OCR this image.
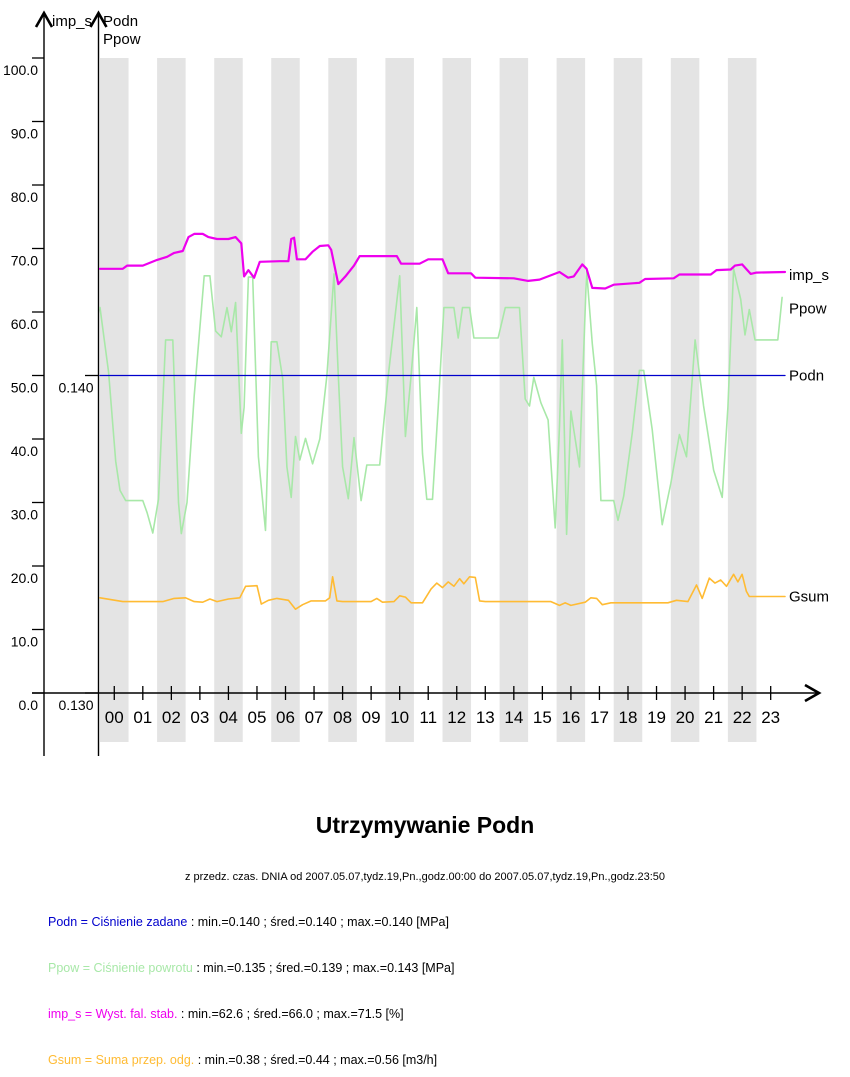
0.0
10.0
20.0
30.0
40.0
50.0
60.0
70.0
80.0
90.0
100.0
0.140
0.130
00 01 02 03 04 05 06 07 08 09 10 11 12 13 14 15 16 17 18 19 20 21 22 23
Ppow
Podn
Gsum
imp_s
imp_s Podn
Ppow
Utrzymywanie Podn
z przedz. czas. DNIA od 2007.05.07,tydz.19,Pn.,godz.00:00 do 2007.05.07,tydz.19,Pn.,godz.23:50
Podn = Ciśnienie zadane : min.=0.140 ; śred.=0.140 ; max.=0.140 [MPa]
Ppow = Ciśnienie powrotu : min.=0.135 ; śred.=0.139 ; max.=0.143 [MPa]
imp_s = Wyst. fal. stab. : min.=62.6 ; śred.=66.0 ; max.=71.5 [%]
Gsum = Suma przep. odg. : min.=0.38 ; śred.=0.44 ; max.=0.56 [m3/h]
